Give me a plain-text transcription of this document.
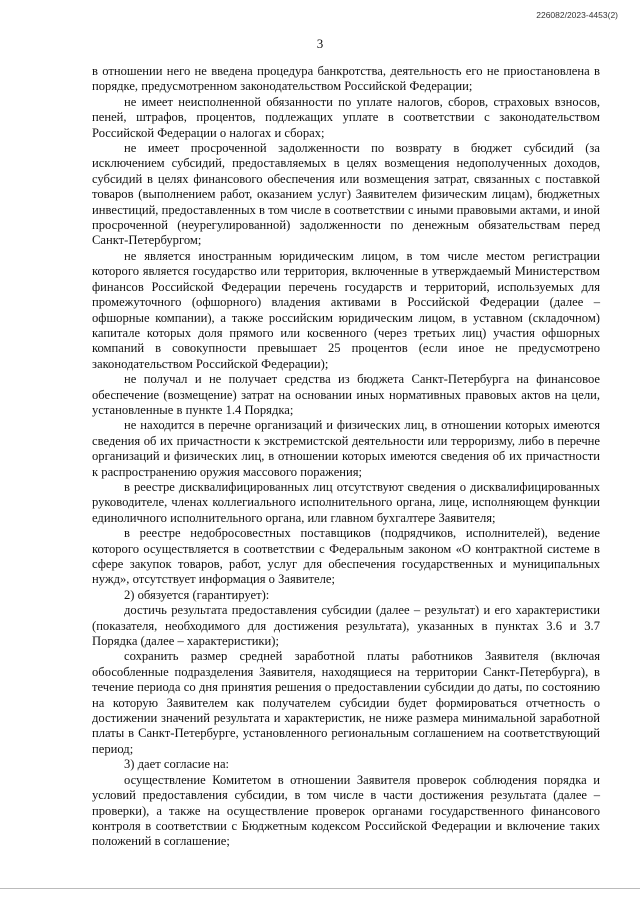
226082/2023-4453(2)
3

в отношении него не введена процедура банкротства, деятельность его не приостановлена в порядке, предусмотренном законодательством Российской Федерации;

не имеет неисполненной обязанности по уплате налогов, сборов, страховых взносов, пеней, штрафов, процентов, подлежащих уплате в соответствии с законодательством Российской Федерации о налогах и сборах;

не имеет просроченной задолженности по возврату в бюджет субсидий (за исключением субсидий, предоставляемых в целях возмещения недополученных доходов, субсидий в целях финансового обеспечения или возмещения затрат, связанных с поставкой товаров (выполнением работ, оказанием услуг) Заявителем физическим лицам), бюджетных инвестиций, предоставленных в том числе в соответствии с иными правовыми актами, и иной просроченной (неурегулированной) задолженности по денежным обязательствам перед Санкт-Петербургом;

не является иностранным юридическим лицом, в том числе местом регистрации которого является государство или территория, включенные в утверждаемый Министерством финансов Российской Федерации перечень государств и территорий, используемых для промежуточного (офшорного) владения активами в Российской Федерации (далее – офшорные компании), а также российским юридическим лицом, в уставном (складочном) капитале которых доля прямого или косвенного (через третьих лиц) участия офшорных компаний в совокупности превышает 25 процентов (если иное не предусмотрено законодательством Российской Федерации);

не получал и не получает средства из бюджета Санкт-Петербурга на финансовое обеспечение (возмещение) затрат на основании иных нормативных правовых актов на цели, установленные в пункте 1.4 Порядка;

не находится в перечне организаций и физических лиц, в отношении которых имеются сведения об их причастности к экстремистской деятельности или терроризму, либо в перечне организаций и физических лиц, в отношении которых имеются сведения об их причастности к распространению оружия массового поражения;

в реестре дисквалифицированных лиц отсутствуют сведения о дисквалифицированных руководителе, членах коллегиального исполнительного органа, лице, исполняющем функции единоличного исполнительного органа, или главном бухгалтере Заявителя;

в реестре недобросовестных поставщиков (подрядчиков, исполнителей), ведение которого осуществляется в соответствии с Федеральным законом «О контрактной системе в сфере закупок товаров, работ, услуг для обеспечения государственных и муниципальных нужд», отсутствует информация о Заявителе;

2) обязуется (гарантирует):

достичь результата предоставления субсидии (далее – результат) и его характеристики (показателя, необходимого для достижения результата), указанных в пунктах 3.6 и 3.7 Порядка (далее – характеристики);

сохранить размер средней заработной платы работников Заявителя (включая обособленные подразделения Заявителя, находящиеся на территории Санкт-Петербурга), в течение периода со дня принятия решения о предоставлении субсидии до даты, по состоянию на которую Заявителем как получателем субсидии будет формироваться отчетность о достижении значений результата и характеристик, не ниже размера минимальной заработной платы в Санкт-Петербурге, установленного региональным соглашением на соответствующий период;

3) дает согласие на:

осуществление Комитетом в отношении Заявителя проверок соблюдения порядка и условий предоставления субсидии, в том числе в части достижения результата (далее – проверки), а также на осуществление проверок органами государственного финансового контроля в соответствии с Бюджетным кодексом Российской Федерации и включение таких положений в соглашение;
